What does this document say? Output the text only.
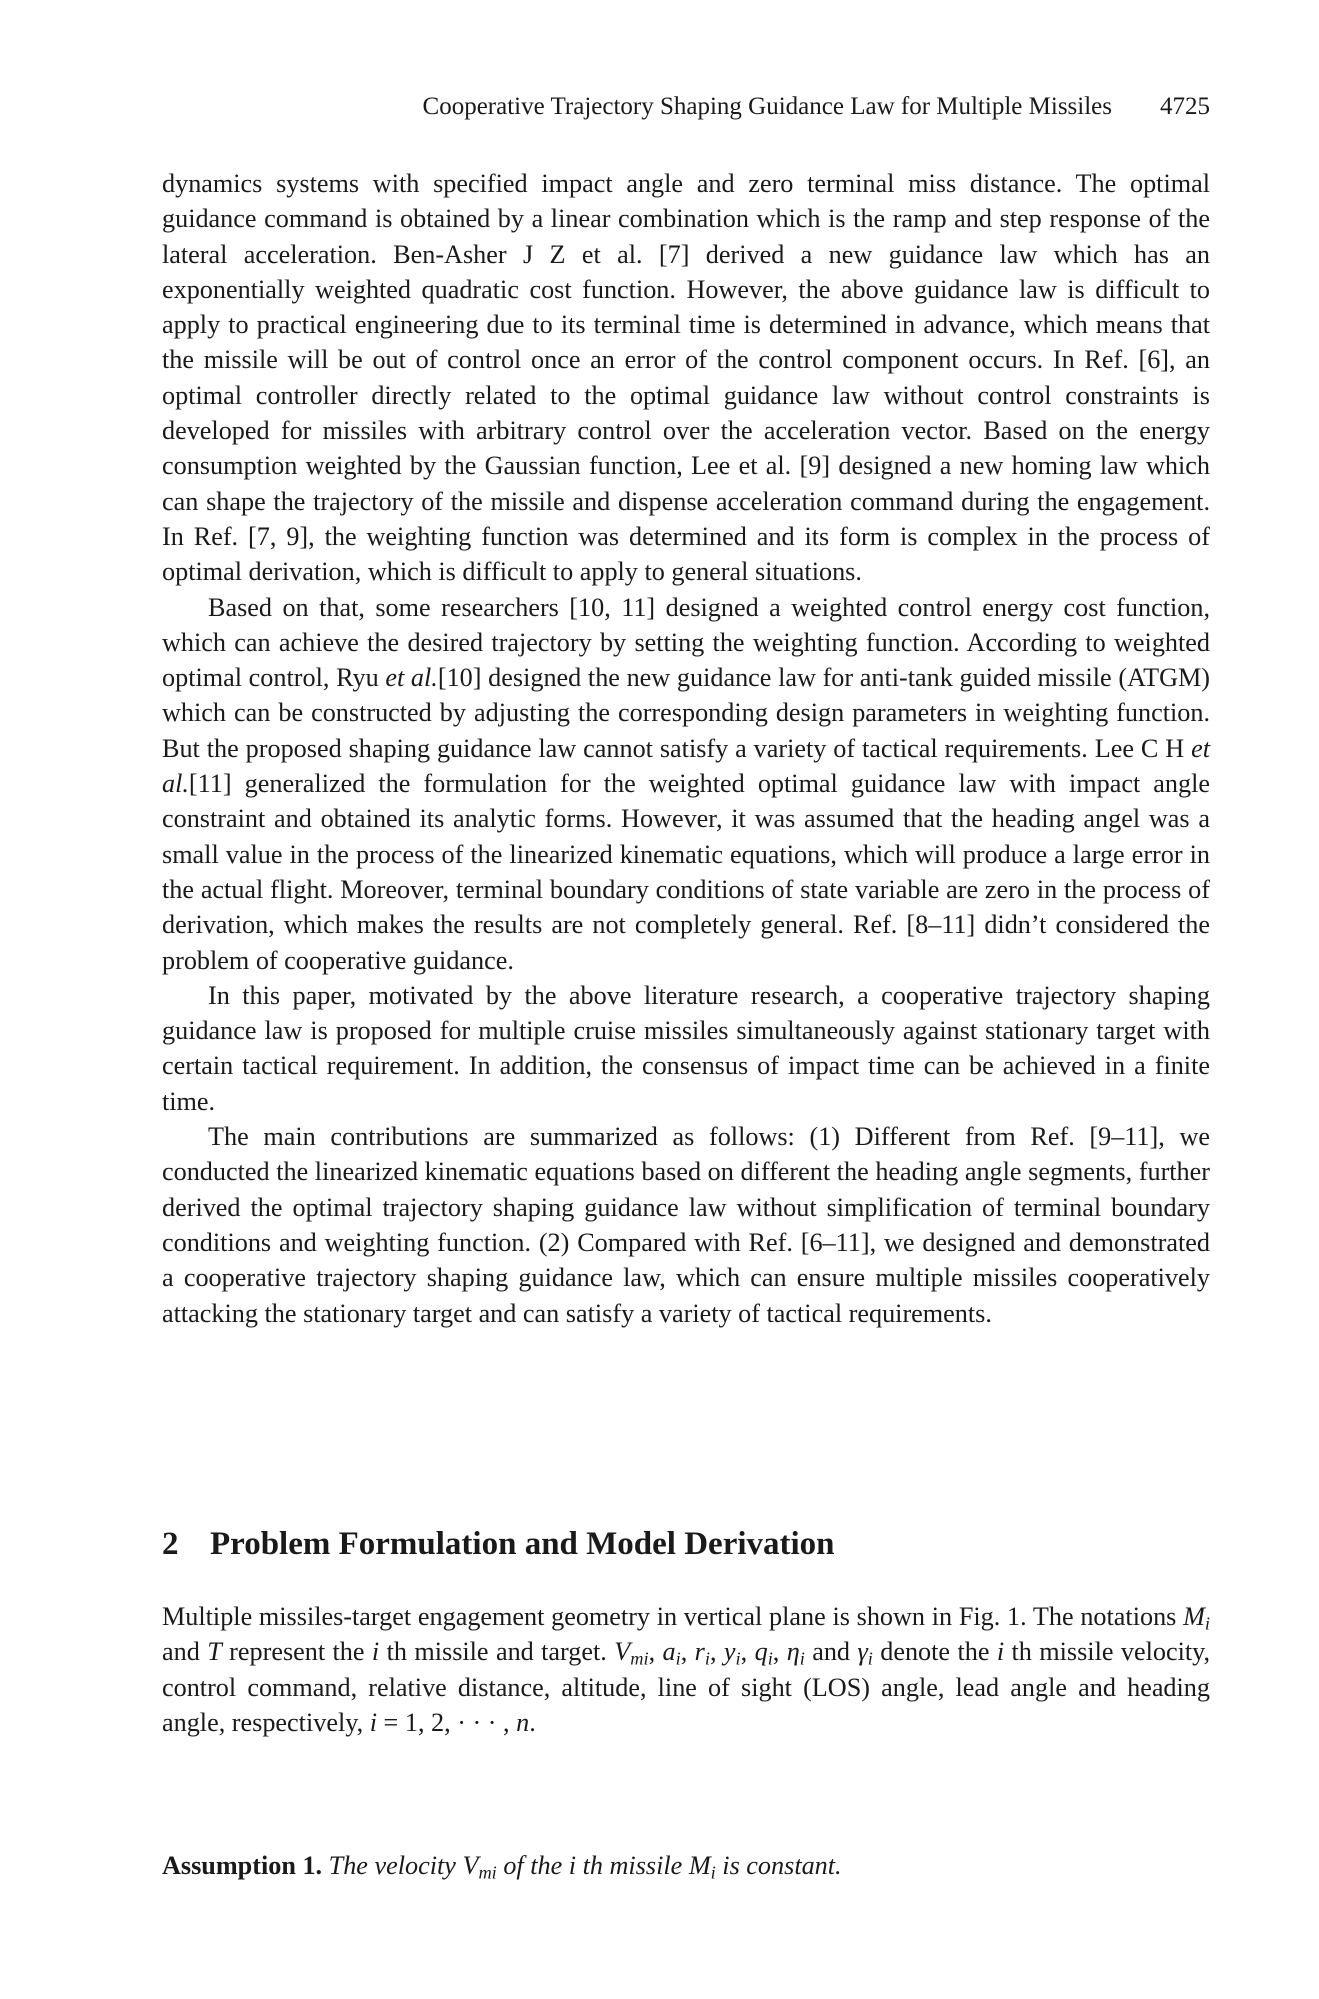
Cooperative Trajectory Shaping Guidance Law for Multiple Missiles 4725

dynamics systems with specified impact angle and zero terminal miss distance. The optimal guidance command is obtained by a linear combination which is the ramp and step response of the lateral acceleration. Ben-Asher J Z et al. [7] derived a new guidance law which has an exponentially weighted quadratic cost function. However, the above guidance law is difficult to apply to practical engineering due to its terminal time is determined in advance, which means that the missile will be out of control once an error of the control component occurs. In Ref. [6], an optimal controller directly related to the optimal guidance law without control constraints is developed for missiles with arbitrary control over the acceleration vector. Based on the energy consumption weighted by the Gaussian function, Lee et al. [9] designed a new homing law which can shape the trajectory of the missile and dispense acceleration command during the engagement. In Ref. [7, 9], the weighting function was determined and its form is complex in the process of optimal derivation, which is difficult to apply to general situations.

Based on that, some researchers [10, 11] designed a weighted control energy cost function, which can achieve the desired trajectory by setting the weighting function. According to weighted optimal control, Ryu et al.[10] designed the new guidance law for anti-tank guided missile (ATGM) which can be constructed by adjusting the corresponding design parameters in weighting function. But the proposed shaping guidance law cannot satisfy a variety of tactical requirements. Lee C H et al.[11] generalized the formulation for the weighted optimal guidance law with impact angle constraint and obtained its analytic forms. However, it was assumed that the heading angel was a small value in the process of the linearized kinematic equations, which will produce a large error in the actual flight. Moreover, terminal boundary conditions of state variable are zero in the process of derivation, which makes the results are not completely general. Ref. [8–11] didn’t considered the problem of cooperative guidance.

In this paper, motivated by the above literature research, a cooperative trajectory shaping guidance law is proposed for multiple cruise missiles simultaneously against stationary target with certain tactical requirement. In addition, the consensus of impact time can be achieved in a finite time.

The main contributions are summarized as follows: (1) Different from Ref. [9–11], we conducted the linearized kinematic equations based on different the heading angle segments, further derived the optimal trajectory shaping guidance law without simplification of terminal boundary conditions and weighting function. (2) Compared with Ref. [6–11], we designed and demonstrated a cooperative trajectory shaping guidance law, which can ensure multiple missiles cooperatively attacking the stationary target and can satisfy a variety of tactical requirements.

2 Problem Formulation and Model Derivation

Multiple missiles-target engagement geometry in vertical plane is shown in Fig. 1. The notations $M_i$ and T represent the i th missile and target. $V_{mi}$, $a_i$, $r_i$, $y_i$, $q_i$, $\eta_i$ and $\gamma_i$ denote the i th missile velocity, control command, relative distance, altitude, line of sight (LOS) angle, lead angle and heading angle, respectively, i = 1, 2, · · · , n.

Assumption 1. The velocity $V_{mi}$ of the i th missile $M_i$ is constant.
